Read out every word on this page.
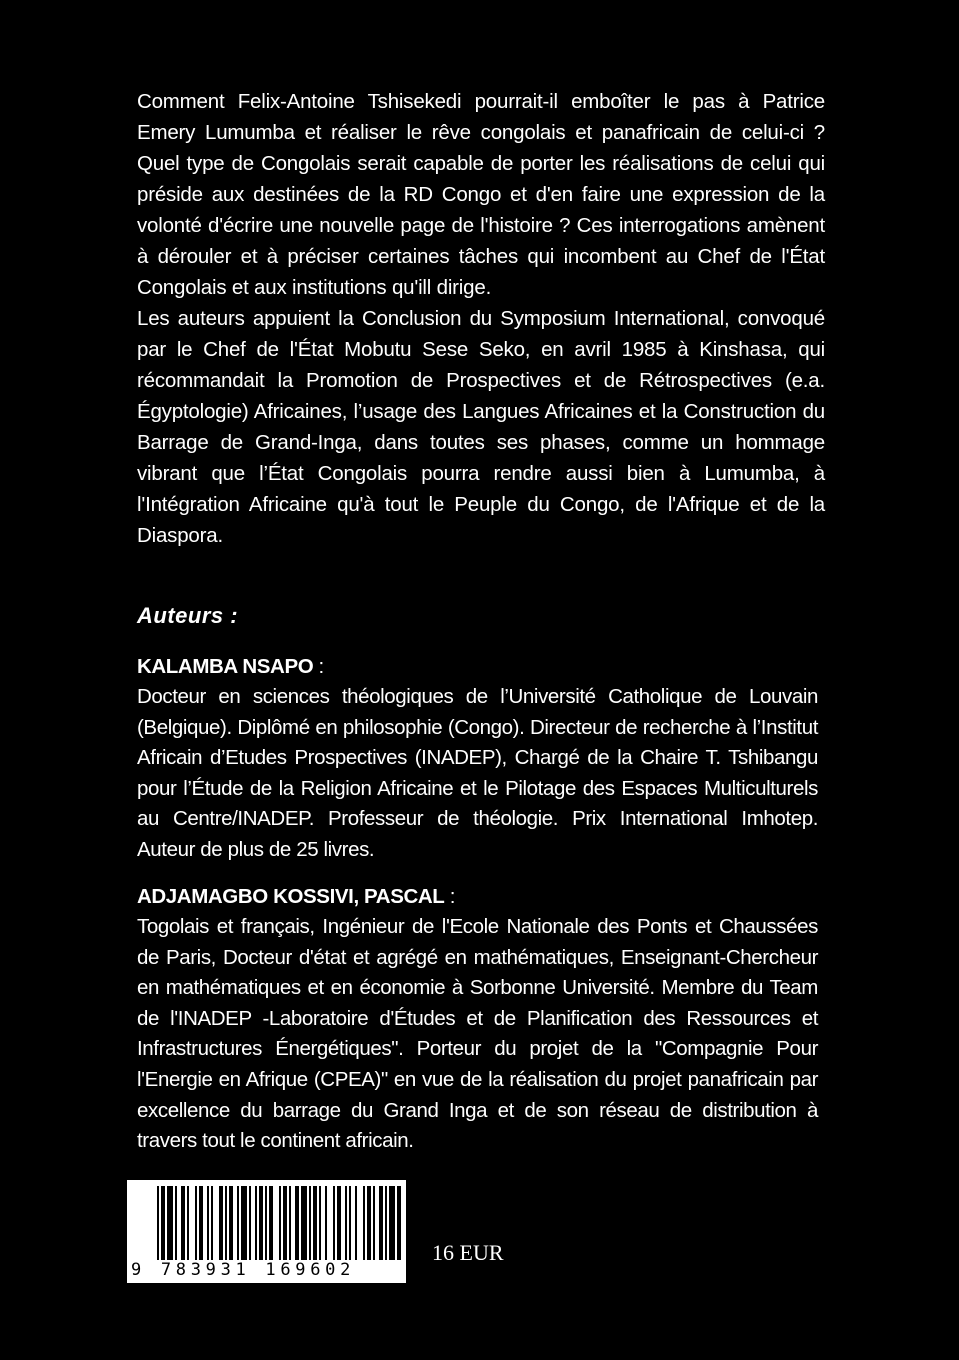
Comment Felix-Antoine Tshisekedi pourrait-il emboîter le pas à Patrice Emery Lumumba et réaliser le rêve congolais et panafricain de celui-ci ? Quel type de Congolais serait capable de porter les réalisations de celui qui préside aux destinées de la RD Congo et d'en faire une expression de la volonté d'écrire une nouvelle page de l'histoire ? Ces interrogations amènent à dérouler et à préciser certaines tâches qui incombent au Chef de l'État Congolais et aux institutions qu'ill dirige.

Les auteurs appuient la Conclusion du Symposium International, convoqué par le Chef de l'État Mobutu Sese Seko, en avril 1985 à Kinshasa, qui récommandait la Promotion de Prospectives et de Rétrospectives (e.a. Égyptologie) Africaines, l’usage des Langues Africaines et la Construction du Barrage de Grand-Inga, dans toutes ses phases, comme un hommage vibrant que l’État Congolais pourra rendre aussi bien à Lumumba, à l'Intégration Africaine qu'à tout le Peuple du Congo, de l'Afrique et de la Diaspora.

Auteurs :
KALAMBA NSAPO :

Docteur en sciences théologiques de l’Université Catholique de Louvain (Belgique). Diplômé en philosophie (Congo). Directeur de recherche à l’Institut Africain d’Etudes Prospectives (INADEP), Chargé de la Chaire T. Tshibangu pour l’Étude de la Religion Africaine et le Pilotage des Espaces Multiculturels au Centre/INADEP. Professeur de théologie. Prix International Imhotep. Auteur de plus de 25 livres.

ADJAMAGBO KOSSIVI, PASCAL :

Togolais et français, Ingénieur de l'Ecole Nationale des Ponts et Chaussées de Paris, Docteur d'état et agrégé en mathématiques, Enseignant-Chercheur en mathématiques et en économie à Sorbonne Université. Membre du Team de l'INADEP -Laboratoire d'Études et de Planification des Ressources et Infrastructures Énergétiques". Porteur du projet de la "Compagnie Pour l'Energie en Afrique (CPEA)" en vue de la réalisation du projet panafricain par excellence du barrage du Grand Inga et de son réseau de distribution à travers tout le continent africain.

9 783931 169602
16 EUR
